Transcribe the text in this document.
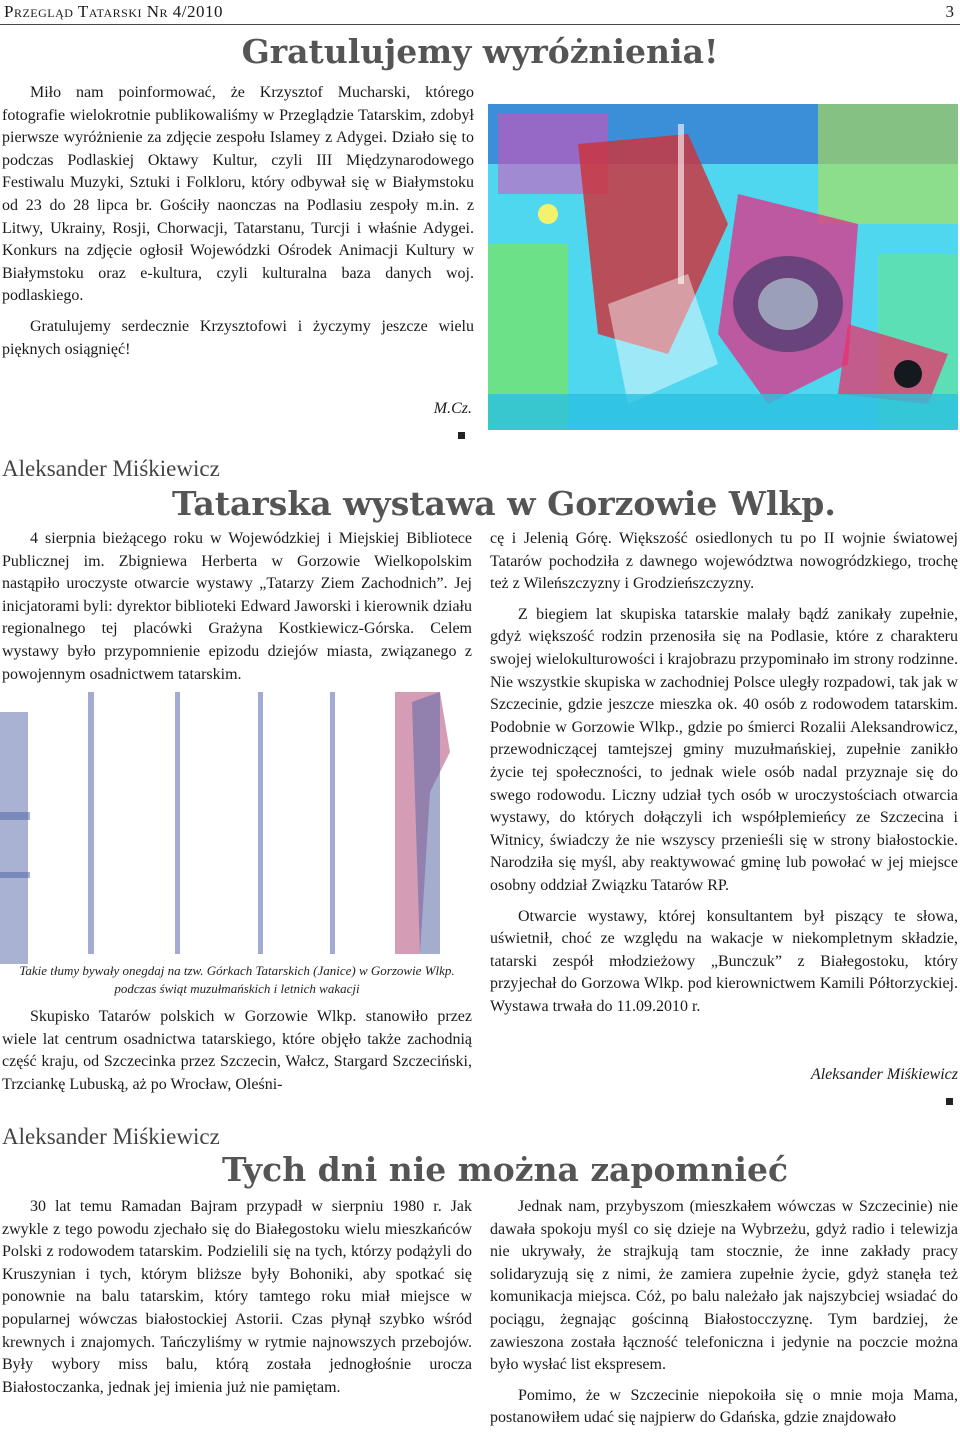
Przegląd Tatarski Nr 4/2010	3
Gratulujemy wyróżnienia!

Miło nam poinformować, że Krzysztof Mucharski, którego fotografie wielokrotnie publikowaliśmy w Przeglądzie Tatarskim, zdobył pierwsze wyróżnienie za zdjęcie zespołu Islamey z Adygei. Działo się to podczas Podlaskiej Oktawy Kultur, czyli III Międzynarodowego Festiwalu Muzyki, Sztuki i Folkloru, który odbywał się w Białymstoku od 23 do 28 lipca br. Gościły naonczas na Podlasiu zespoły m.in. z Litwy, Ukrainy, Rosji, Chorwacji, Tatarstanu, Turcji i właśnie Adygei. Konkurs na zdjęcie ogłosił Wojewódzki Ośrodek Animacji Kultury w Białymstoku oraz e-kultura, czyli kulturalna baza danych woj. podlaskiego.

Gratulujemy serdecznie Krzysztofowi i życzymy jeszcze wielu pięknych osiągnięć!

M.Cz.
Aleksander Miśkiewicz
Tatarska wystawa w Gorzowie Wlkp.

4 sierpnia bieżącego roku w Wojewódzkiej i Miejskiej Bibliotece Publicznej im. Zbigniewa Herberta w Gorzowie Wielkopolskim nastąpiło uroczyste otwarcie wystawy „Tatarzy Ziem Zachodnich”. Jej inicjatorami byli: dyrektor biblioteki Edward Jaworski i kierownik działu regionalnego tej placówki Grażyna Kostkiewicz-Górska. Celem wystawy było przypomnienie epizodu dziejów miasta, związanego z powojennym osadnictwem tatarskim.

Takie tłumy bywały onegdaj na tzw. Górkach Tatarskich (Janice) w Gorzowie Wlkp. podczas świąt muzułmańskich i letnich wakacji

Skupisko Tatarów polskich w Gorzowie Wlkp. stanowiło przez wiele lat centrum osadnictwa tatarskiego, które objęło także zachodnią część kraju, od Szczecinka przez Szczecin, Wałcz, Stargard Szczeciński, Trzciankę Lubuską, aż po Wrocław, Oleśni-

cę i Jelenią Górę. Większość osiedlonych tu po II wojnie światowej Tatarów pochodziła z dawnego województwa nowogródzkiego, trochę też z Wileńszczyzny i Grodzieńszczyzny.

Z biegiem lat skupiska tatarskie malały bądź zanikały zupełnie, gdyż większość rodzin przenosiła się na Podlasie, które z charakteru swojej wielokulturowości i krajobrazu przypominało im strony rodzinne. Nie wszystkie skupiska w zachodniej Polsce uległy rozpadowi, tak jak w Szczecinie, gdzie jeszcze mieszka ok. 40 osób z rodowodem tatarskim. Podobnie w Gorzowie Wlkp., gdzie po śmierci Rozalii Aleksandrowicz, przewodniczącej tamtejszej gminy muzułmańskiej, zupełnie zanikło życie tej społeczności, to jednak wiele osób nadal przyznaje się do swego rodowodu. Liczny udział tych osób w uroczystościach otwarcia wystawy, do których dołączyli ich współplemieńcy ze Szczecina i Witnicy, świadczy że nie wszyscy przenieśli się w strony białostockie. Narodziła się myśl, aby reaktywować gminę lub powołać w jej miejsce osobny oddział Związku Tatarów RP.

Otwarcie wystawy, której konsultantem był piszący te słowa, uświetnił, choć ze względu na wakacje w niekompletnym składzie, tatarski zespół młodzieżowy „Bunczuk” z Białegostoku, który przyjechał do Gorzowa Wlkp. pod kierownictwem Kamili Półtorzyckiej. Wystawa trwała do 11.09.2010 r.

Aleksander Miśkiewicz
Aleksander Miśkiewicz
Tych dni nie można zapomnieć

30 lat temu Ramadan Bajram przypadł w sierpniu 1980 r. Jak zwykle z tego powodu zjechało się do Białegostoku wielu mieszkańców Polski z rodowodem tatarskim. Podzielili się na tych, którzy podążyli do Kruszynian i tych, którym bliższe były Bohoniki, aby spotkać się ponownie na balu tatarskim, który tamtego roku miał miejsce w popularnej wówczas białostockiej Astorii. Czas płynął szybko wśród krewnych i znajomych. Tańczyliśmy w rytmie najnowszych przebojów. Były wybory miss balu, którą została jednogłośnie urocza Białostoczanka, jednak jej imienia już nie pamiętam.

Jednak nam, przybyszom (mieszkałem wówczas w Szczecinie) nie dawała spokoju myśl co się dzieje na Wybrzeżu, gdyż radio i telewizja nie ukrywały, że strajkują tam stocznie, że inne zakłady pracy solidaryzują się z nimi, że zamiera zupełnie życie, gdyż stanęła też komunikacja miejsca. Cóż, po balu należało jak najszybciej wsiadać do pociągu, żegnając gościnną Białostocczyznę. Tym bardziej, że zawieszona została łączność telefoniczna i jedynie na poczcie można było wysłać list ekspresem.

Pomimo, że w Szczecinie niepokoiła się o mnie moja Mama, postanowiłem udać się najpierw do Gdańska, gdzie znajdowało
